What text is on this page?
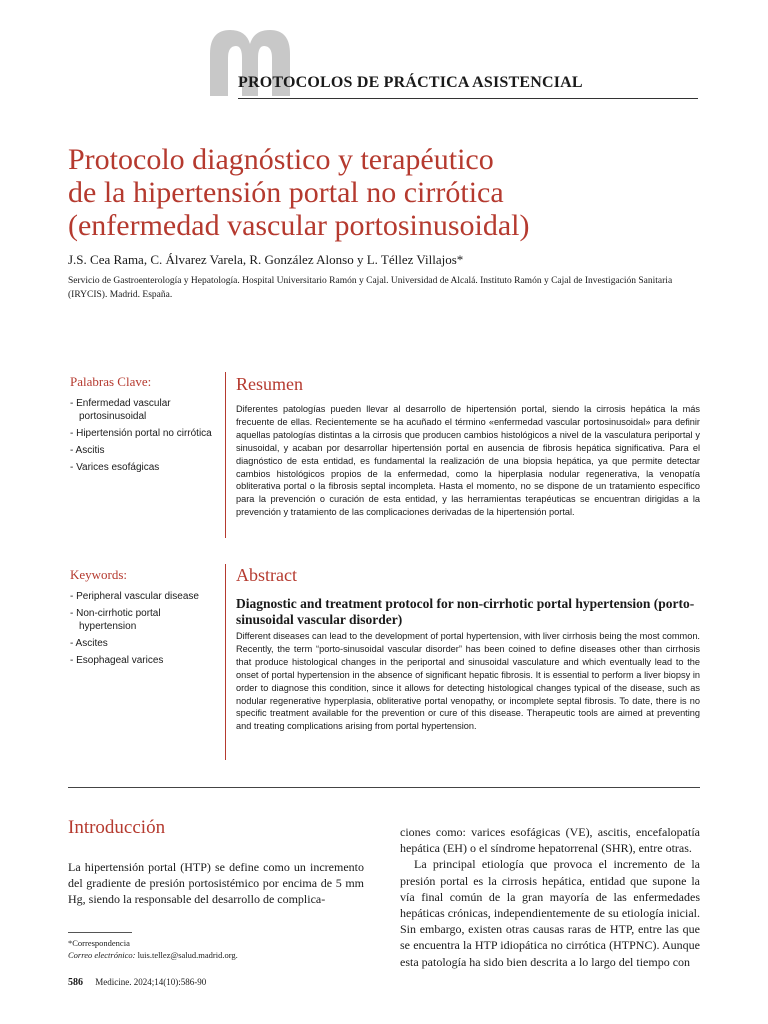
PROTOCOLOS DE PRÁCTICA ASISTENCIAL
Protocolo diagnóstico y terapéutico
de la hipertensión portal no cirrótica
(enfermedad vascular portosinusoidal)
J.S. Cea Rama, C. Álvarez Varela, R. González Alonso y L. Téllez Villajos*
Servicio de Gastroenterología y Hepatología. Hospital Universitario Ramón y Cajal. Universidad de Alcalá. Instituto Ramón y Cajal de Investigación Sanitaria (IRYCIS). Madrid. España.
Palabras Clave:
- Enfermedad vascular portosinusoidal
- Hipertensión portal no cirrótica
- Ascitis
- Varices esofágicas
Resumen

Diferentes patologías pueden llevar al desarrollo de hipertensión portal, siendo la cirrosis hepática la más frecuente de ellas. Recientemente se ha acuñado el término «enfermedad vascular portosinusoidal» para definir aquellas patologías distintas a la cirrosis que producen cambios histológicos a nivel de la vasculatura periportal y sinusoidal, y acaban por desarrollar hipertensión portal en ausencia de fibrosis hepática significativa. Para el diagnóstico de esta entidad, es fundamental la realización de una biopsia hepática, ya que permite detectar cambios histológicos propios de la enfermedad, como la hiperplasia nodular regenerativa, la venopatía obliterativa portal o la fibrosis septal incompleta. Hasta el momento, no se dispone de un tratamiento específico para la prevención o curación de esta entidad, y las herramientas terapéuticas se encuentran dirigidas a la prevención y tratamiento de las complicaciones derivadas de la hipertensión portal.

Keywords:
- Peripheral vascular disease
- Non-cirrhotic portal hypertension
- Ascites
- Esophageal varices
Abstract

Diagnostic and treatment protocol for non-cirrhotic portal hypertension (porto-sinusoidal vascular disorder)

Different diseases can lead to the development of portal hypertension, with liver cirrhosis being the most common. Recently, the term “porto-sinusoidal vascular disorder” has been coined to define diseases other than cirrhosis that produce histological changes in the periportal and sinusoidal vasculature and which eventually lead to the onset of portal hypertension in the absence of significant hepatic fibrosis. It is essential to perform a liver biopsy in order to diagnose this condition, since it allows for detecting histological changes typical of the disease, such as nodular regenerative hyperplasia, obliterative portal venopathy, or incomplete septal fibrosis. To date, there is no specific treatment available for the prevention or cure of this disease. Therapeutic tools are aimed at preventing and treating complications arising from portal hypertension.

Introducción

La hipertensión portal (HTP) se define como un incremento del gradiente de presión portosistémico por encima de 5 mm Hg, siendo la responsable del desarrollo de complica-

ciones como: varices esofágicas (VE), ascitis, encefalopatía hepática (EH) o el síndrome hepatorrenal (SHR), entre otras.

La principal etiología que provoca el incremento de la presión portal es la cirrosis hepática, entidad que supone la vía final común de la gran mayoría de las enfermedades hepáticas crónicas, independientemente de su etiología inicial. Sin embargo, existen otras causas raras de HTP, entre las que se encuentra la HTP idiopática no cirrótica (HTPNC). Aunque esta patología ha sido bien descrita a lo largo del tiempo con

*Correspondencia
Correo electrónico: luis.tellez@salud.madrid.org.
586 Medicine. 2024;14(10):586-90
